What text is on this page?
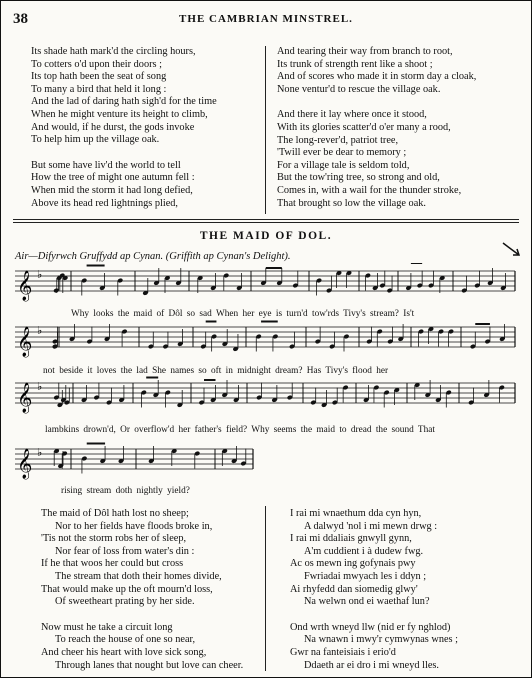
38	THE CAMBRIAN MINSTREL.
Its shade hath mark'd the circling hours,
To cotters o'd upon their doors ;
Its top hath been the seat of song
To many a bird that held it long :
And the lad of daring hath sigh'd for the time
When he might venture its height to climb,
And would, if he durst, the gods invoke
To help him up the village oak.
But some have liv'd the world to tell
How the tree of might one autumn fell :
When mid the storm it had long defied,
Above its head red lightnings plied,
And tearing their way from branch to root,
Its trunk of strength rent like a shoot ;
And of scores who made it in storm day a cloak,
None ventur'd to rescue the village oak.
And there it lay where once it stood,
With its glories scatter'd o'er many a rood,
The long-rever'd, patriot tree,
'Twill ever be dear to memory ;
For a village tale is seldom told,
But the tow'ring tree, so strong and old,
Comes in, with a wail for the thunder stroke,
That brought so low the village oak.
THE MAID OF DOL.
Air—Difyrwch Gruffydd ap Cynan. (Griffith ap Cynan's Delight).
𝄞 ♭
Why looks the maid of Dôl so sad When her eye is turn'd tow'rds Tivy's stream? Is't
𝄞 ♭
not beside it loves the lad She names so oft in midnight dream? Has Tivy's flood her
𝄞 ♭
lambkins drown'd, Or overflow'd her father's field? Why seems the maid to dread the sound That
𝄞 ♭
rising stream doth nightly yield?
The maid of Dôl hath lost no sheep;
Nor to her fields have floods broke in,
'Tis not the storm robs her of sleep,
Nor fear of loss from water's din :
If he that woos her could but cross
The stream that doth their homes divide,
That would make up the oft mourn'd loss,
Of sweetheart prating by her side.
Now must he take a circuit long
To reach the house of one so near,
And cheer his heart with love sick song,
Through lanes that nought but love can cheer.
I rai mi wnaethum dda cyn hyn,
A dalwyd 'nol i mi mewn drwg :
I rai mi ddaliais gnwyll gynn,
A'm cuddient i à dudew fwg.
Ac os mewn ing gofynais pwy
Fwriadai mwyach les i ddyn ;
Ai rhyfedd dan siomedig glwy'
Na welwn ond ei waethaf lun?
Ond wrth wneyd llw (nid er fy nghlod)
Na wnawn i mwy'r cymwynas wnes ;
Gwr na fanteisiais i erio'd
Ddaeth ar ei dro i mi wneyd lles.
